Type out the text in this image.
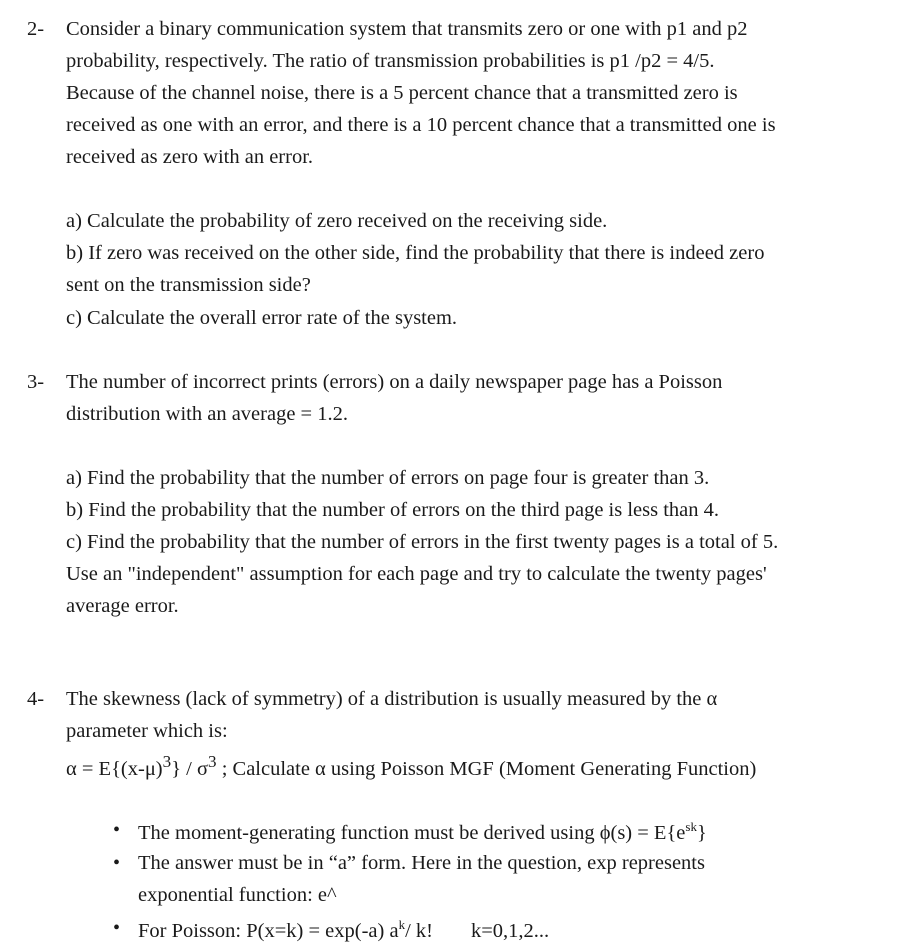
2- Consider a binary communication system that transmits zero or one with p1 and p2
probability, respectively. The ratio of transmission probabilities is p1 /p2 = 4/5.
Because of the channel noise, there is a 5 percent chance that a transmitted zero is
received as one with an error, and there is a 10 percent chance that a transmitted one is
received as zero with an error.
a) Calculate the probability of zero received on the receiving side.
b) If zero was received on the other side, find the probability that there is indeed zero
sent on the transmission side?
c) Calculate the overall error rate of the system.
3- The number of incorrect prints (errors) on a daily newspaper page has a Poisson
distribution with an average = 1.2.
a) Find the probability that the number of errors on page four is greater than 3.
b) Find the probability that the number of errors on the third page is less than 4.
c) Find the probability that the number of errors in the first twenty pages is a total of 5.
Use an "independent" assumption for each page and try to calculate the twenty pages'
average error.
4- The skewness (lack of symmetry) of a distribution is usually measured by the α
parameter which is:
$\alpha = E\{(x-\mu)^3\} / \sigma^3$ ; Calculate α using Poisson MGF (Moment Generating Function)
• The moment-generating function must be derived using $\phi(s) = E\{e^{sk}\}$
• The answer must be in “a” form. Here in the question, exp represents
exponential function: e^
• For Poisson: P(x=k) = exp(-a) $a^k/$ k! k=0,1,2...
